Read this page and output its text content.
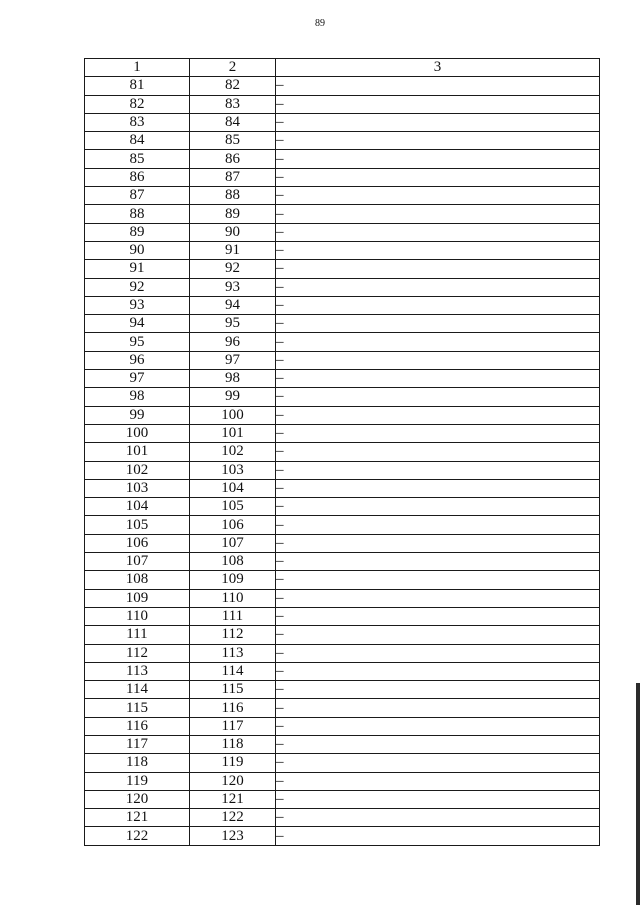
89
1	2	3
81	82	–
82	83	–
83	84	–
84	85	–
85	86	–
86	87	–
87	88	–
88	89	–
89	90	–
90	91	–
91	92	–
92	93	–
93	94	–
94	95	–
95	96	–
96	97	–
97	98	–
98	99	–
99	100	–
100	101	–
101	102	–
102	103	–
103	104	–
104	105	–
105	106	–
106	107	–
107	108	–
108	109	–
109	110	–
110	111	–
111	112	–
112	113	–
113	114	–
114	115	–
115	116	–
116	117	–
117	118	–
118	119	–
119	120	–
120	121	–
121	122	–
122	123	–
